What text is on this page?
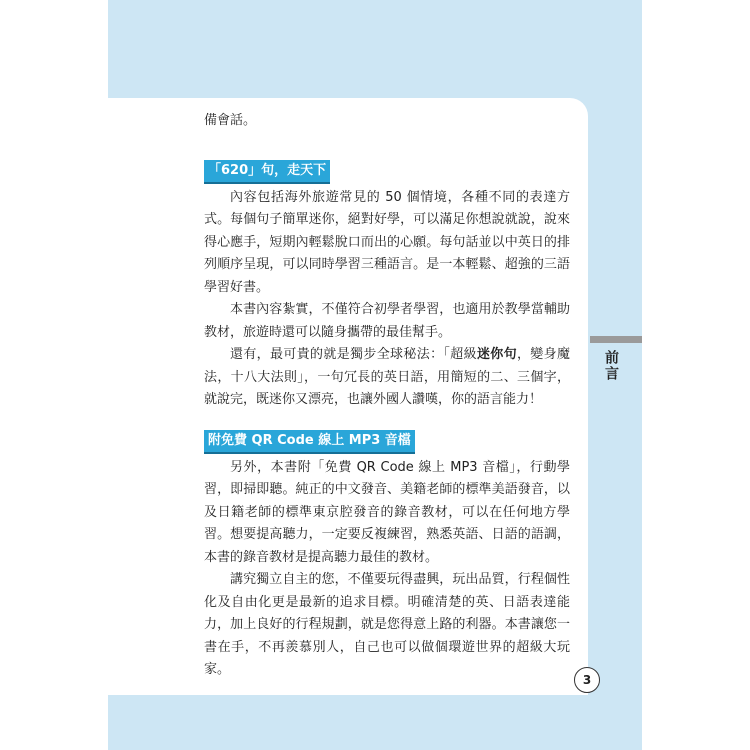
前言

備會話。

「620」句，走天下

內容包括海外旅遊常見的 50 個情境，各種不同的表達方式。每個句子簡單迷你，絕對好學，可以滿足你想說就說，說來得心應手，短期內輕鬆脫口而出的心願。每句話並以中英日的排列順序呈現，可以同時學習三種語言。是一本輕鬆、超強的三語學習好書。

本書內容紮實，不僅符合初學者學習，也適用於教學當輔助教材，旅遊時還可以隨身攜帶的最佳幫手。

還有，最可貴的就是獨步全球秘法：「超級迷你句，變身魔法，十八大法則」，一句冗長的英日語，用簡短的二、三個字，就說完，既迷你又漂亮，也讓外國人讚嘆，你的語言能力！

附免費 QR Code 線上 MP3 音檔

另外，本書附「免費 QR Code 線上 MP3 音檔」，行動學習，即掃即聽。純正的中文發音、美籍老師的標準美語發音，以及日籍老師的標準東京腔發音的錄音教材，可以在任何地方學習。想要提高聽力，一定要反複練習，熟悉英語、日語的語調，本書的錄音教材是提高聽力最佳的教材。

講究獨立自主的您，不僅要玩得盡興，玩出品質，行程個性化及自由化更是最新的追求目標。明確清楚的英、日語表達能力，加上良好的行程規劃，就是您得意上路的利器。本書讓您一書在手，不再羨慕別人，自己也可以做個環遊世界的超級大玩家。

3
